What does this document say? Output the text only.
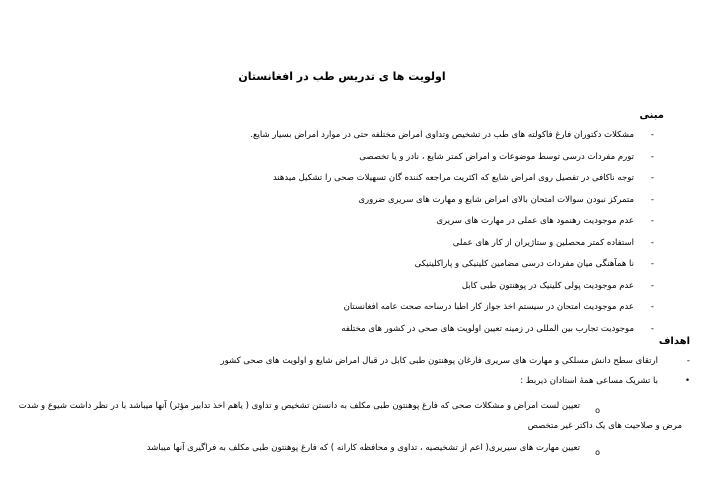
اولویت ها ی تدریس طب در افغانستان
مبنی
-مشکلات دکتوران فارغ فاکولته های طب در تشخیص وتداوی امراض مختلفه حتی در موارد امراض بسیار شایع.
-تورم مفردات درسی توسط موضوعات و امراض کمتر شایع ، نادر و یا تخصصی
-توجه ناکافی در تفصیل روی امراض شایع که اکثریت مراجعه کننده گان تسهیلات صحی را تشکیل میدهند
-متمرکز نبودن سوالات امتحان بالای امراض شایع و مهارت های سریری ضروری
-عدم موجودیت رهنمود های عملی در مهارت های سریری
-استفاده کمتر محصلین و ستاژیران از کار های عملی
-نا همآهنگی میان مفردات درسی مضامین کلینیکی و پاراکلینیکی
-عدم موجودیت پولی کلینیک در پوهنتون طبی کابل
-عدم موجودیت امتحان در سیستم اخذ جواز کار اطبا درساحه صحت عامه افغانستان
-موجودیت تجارب بین المللی در زمینه تعیین اولویت های صحی در کشور های مختلفه
اهداف
-ارتقای سطح دانش مسلکی و مهارت های سریری فارغان پوهنتون طبی کابل در قبال امراض شایع و اولویت های صحی کشور
•با تشریک مساعی همهٔ استادان ذیربط :
oتعیین لست امراض و مشکلات صحی که فارغ پوهنتون طبی مکلف به دانستن تشخیص و تداوی ( یاهم اخذ تدابیر مؤثر) آنها میباشد با در نظر داشت شیوع و شدت مرض و صلاحیت های یک داکتر غیر متخصص
oتعیین مهارت های سیریری( اعم از تشخیصیه ، تداوی و محافظه کارانه ) که فارغ پوهنتون طبی مکلف به فراگیری آنها میباشد
